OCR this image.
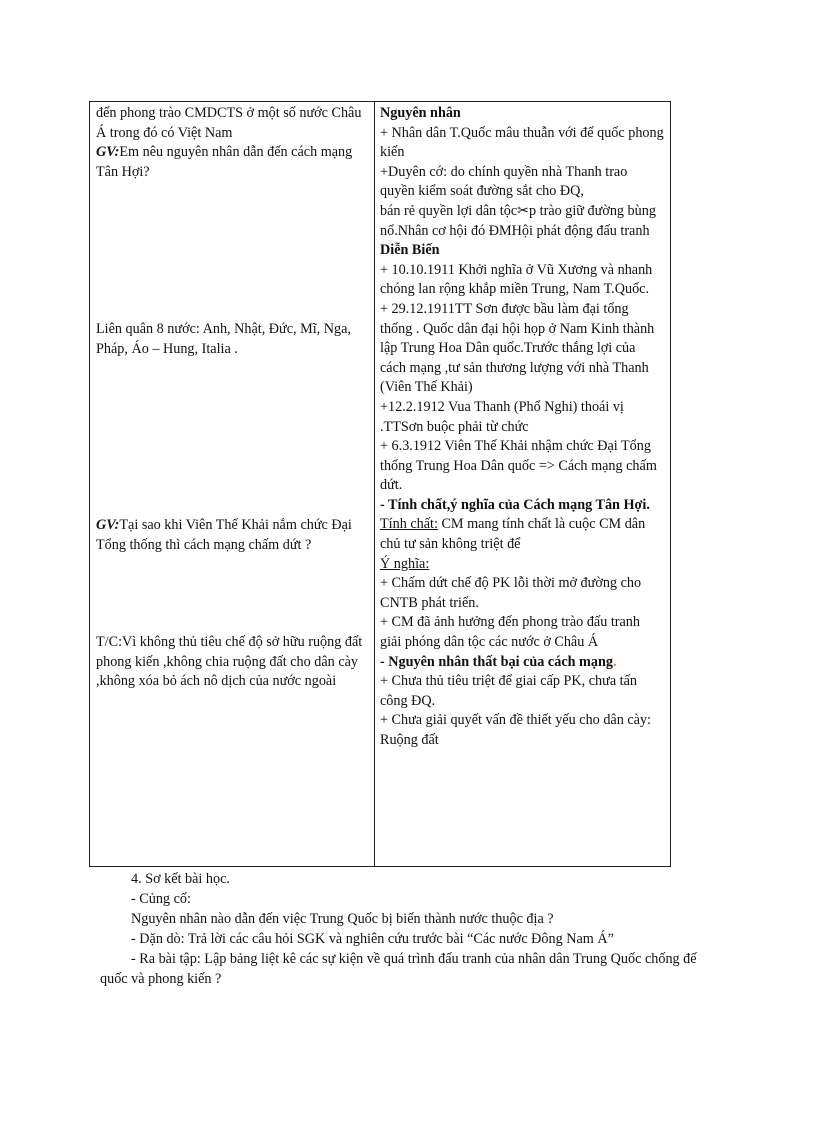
đến phong trào CMDCTS ở một số nước Châu Á trong đó có Việt Nam

GV:Em nêu nguyên nhân dẫn đến cách mạng Tân Hợi?

Liên quân 8 nước: Anh, Nhật, Đức, Mĩ, Nga, Pháp, Áo – Hung, Italia .

GV:Tại sao khi Viên Thế Khải nắm chức Đại Tổng thống thì cách mạng chấm dứt ?

T/C:Vì không thủ tiêu chế độ sở hữu ruộng đất phong kiến ,không chia ruộng đất cho dân cày ,không xóa bỏ ách nô dịch của nước ngoài

Nguyên nhân

+ Nhân dân T.Quốc mâu thuẫn với đế quốc phong kiến

+Duyên cớ: do chính quyền nhà Thanh trao quyền kiểm soát đường sắt cho ĐQ,

bán rẻ quyền lợi dân tộc✂p trào giữ đường bùng nổ.Nhân cơ hội đó ĐMHội phát động đấu tranh

Diễn Biến

+ 10.10.1911 Khởi nghĩa ở Vũ Xương và nhanh chóng lan rộng khắp miền Trung, Nam T.Quốc.

+ 29.12.1911TT Sơn được bầu làm đại tổng thống . Quốc dân đại hội họp ở Nam Kinh thành lập Trung Hoa Dân quốc.Trước thắng lợi của cách mạng ,tư sản thương lượng với nhà Thanh (Viên Thế Khải)

+12.2.1912 Vua Thanh (Phổ Nghi) thoái vị .TTSơn buộc phải từ chức

+ 6.3.1912 Viên Thế Khải nhậm chức Đại Tổng thống Trung Hoa Dân quốc => Cách mạng chấm dứt.

- Tính chất,ý nghĩa của Cách mạng Tân Hợi.

Tính chất: CM mang tính chất là cuộc CM dân chủ tư sản không triệt để

Ý nghĩa:

+ Chấm dứt chế độ PK lỗi thời mở đường cho CNTB phát triển.

+ CM đã ảnh hưởng đến phong trào đấu tranh giải phóng dân tộc các nước ở Châu Á

- Nguyên nhân thất bại của cách mạng.

+ Chưa thủ tiêu triệt để giai cấp PK, chưa tấn công ĐQ.

+ Chưa giải quyết vấn đề thiết yếu cho dân cày: Ruộng đất

4. Sơ kết bài học.

- Củng cố:

Nguyên nhân nào dẫn đến việc Trung Quốc bị biến thành nước thuộc địa ?

- Dặn dò: Trả lời các câu hỏi SGK và nghiên cứu trước bài “Các nước Đông Nam Á”

- Ra bài tập: Lập bảng liệt kê các sự kiện về quá trình đấu tranh của nhân dân Trung Quốc chống đế quốc và phong kiến ?
